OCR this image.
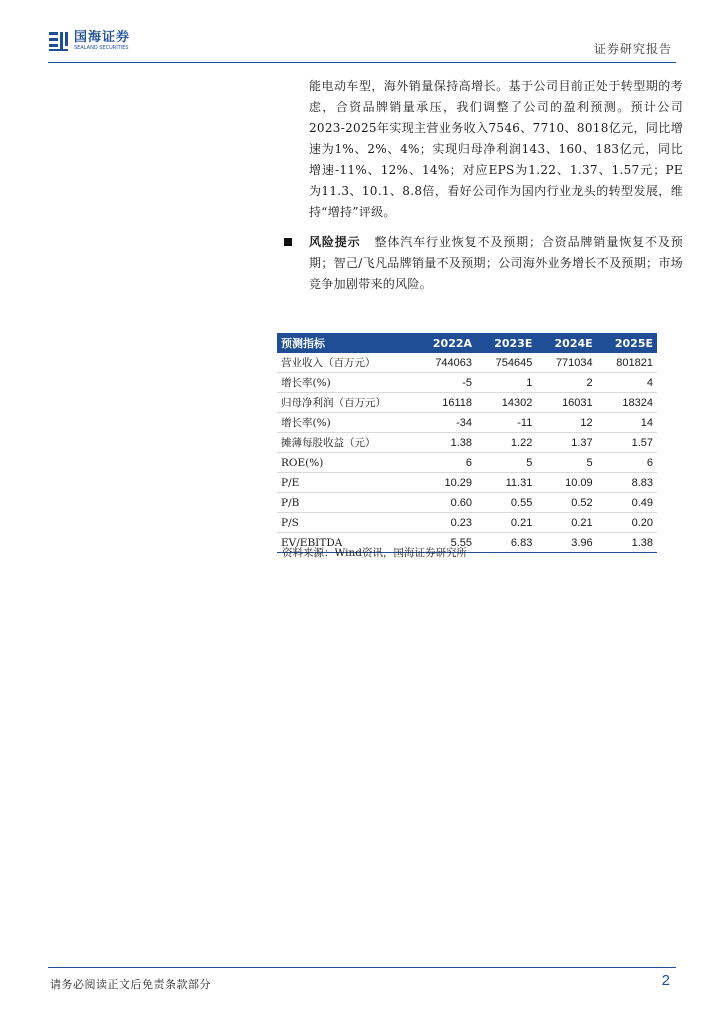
国海证券
SEALAND SECURITIES	证券研究报告
能电动车型，海外销量保持高增长。基于公司目前正处于转型期的考虑，合资品牌销量承压，我们调整了公司的盈利预测。预计公司2023-2025年实现主营业务收入7546、7710、8018亿元，同比增速为1%、2%、4%；实现归母净利润143、160、183亿元，同比增速-11%、12%、14%；对应EPS为1.22、1.37、1.57元；PE为11.3、10.1、8.8倍，看好公司作为国内行业龙头的转型发展，维持“增持”评级。
风险提示 整体汽车行业恢复不及预期；合资品牌销量恢复不及预期；智己/飞凡品牌销量不及预期；公司海外业务增长不及预期；市场竞争加剧带来的风险。
预测指标	2022A	2023E	2024E	2025E
营业收入（百万元）	744063	754645	771034	801821
增长率(%)	-5	1	2	4
归母净利润（百万元）	16118	14302	16031	18324
增长率(%)	-34	-11	12	14
摊薄每股收益（元）	1.38	1.22	1.37	1.57
ROE(%)	6	5	5	6
P/E	10.29	11.31	10.09	8.83
P/B	0.60	0.55	0.52	0.49
P/S	0.23	0.21	0.21	0.20
EV/EBITDA	5.55	6.83	3.96	1.38
资料来源：Wind资讯，国海证券研究所
请务必阅读正文后免责条款部分	2
